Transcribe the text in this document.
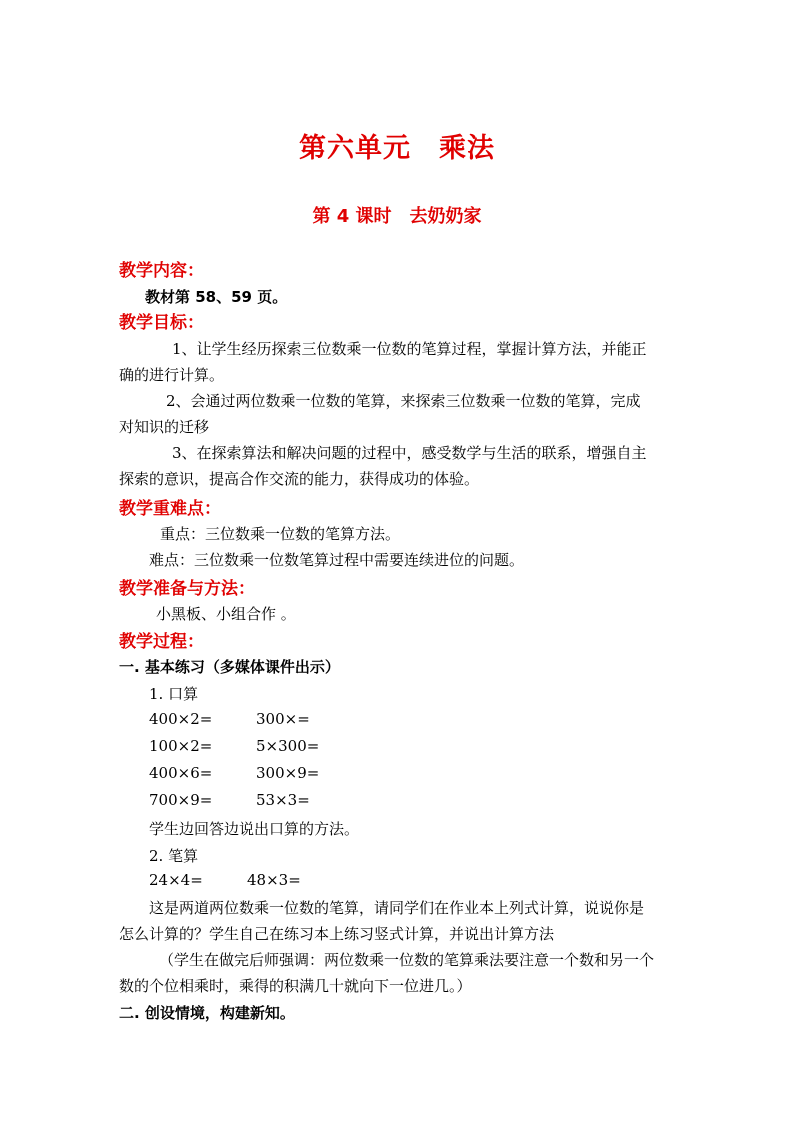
第六单元　乘法
第 4 课时　去奶奶家
教学内容：
教材第 58、59 页。
教学目标：
1、让学生经历探索三位数乘一位数的笔算过程，掌握计算方法，并能正
确的进行计算。
2、会通过两位数乘一位数的笔算，来探索三位数乘一位数的笔算，完成
对知识的迁移
3、在探索算法和解决问题的过程中，感受数学与生活的联系，增强自主
探索的意识，提高合作交流的能力，获得成功的体验。
教学重难点：
重点：三位数乘一位数的笔算方法。
难点：三位数乘一位数笔算过程中需要连续进位的问题。
教学准备与方法：
小黑板、小组合作 。
教学过程：
一. 基本练习（多媒体课件出示）
1. 口算
400×2=	300×=
100×2=	5×300=
400×6=	300×9=
700×9=	53×3=
学生边回答边说出口算的方法。
2. 笔算
24×4=	48×3=
这是两道两位数乘一位数的笔算，请同学们在作业本上列式计算，说说你是
怎么计算的？学生自己在练习本上练习竖式计算，并说出计算方法
（学生在做完后师强调：两位数乘一位数的笔算乘法要注意一个数和另一个
数的个位相乘时，乘得的积满几十就向下一位进几。）
二. 创设情境，构建新知。
